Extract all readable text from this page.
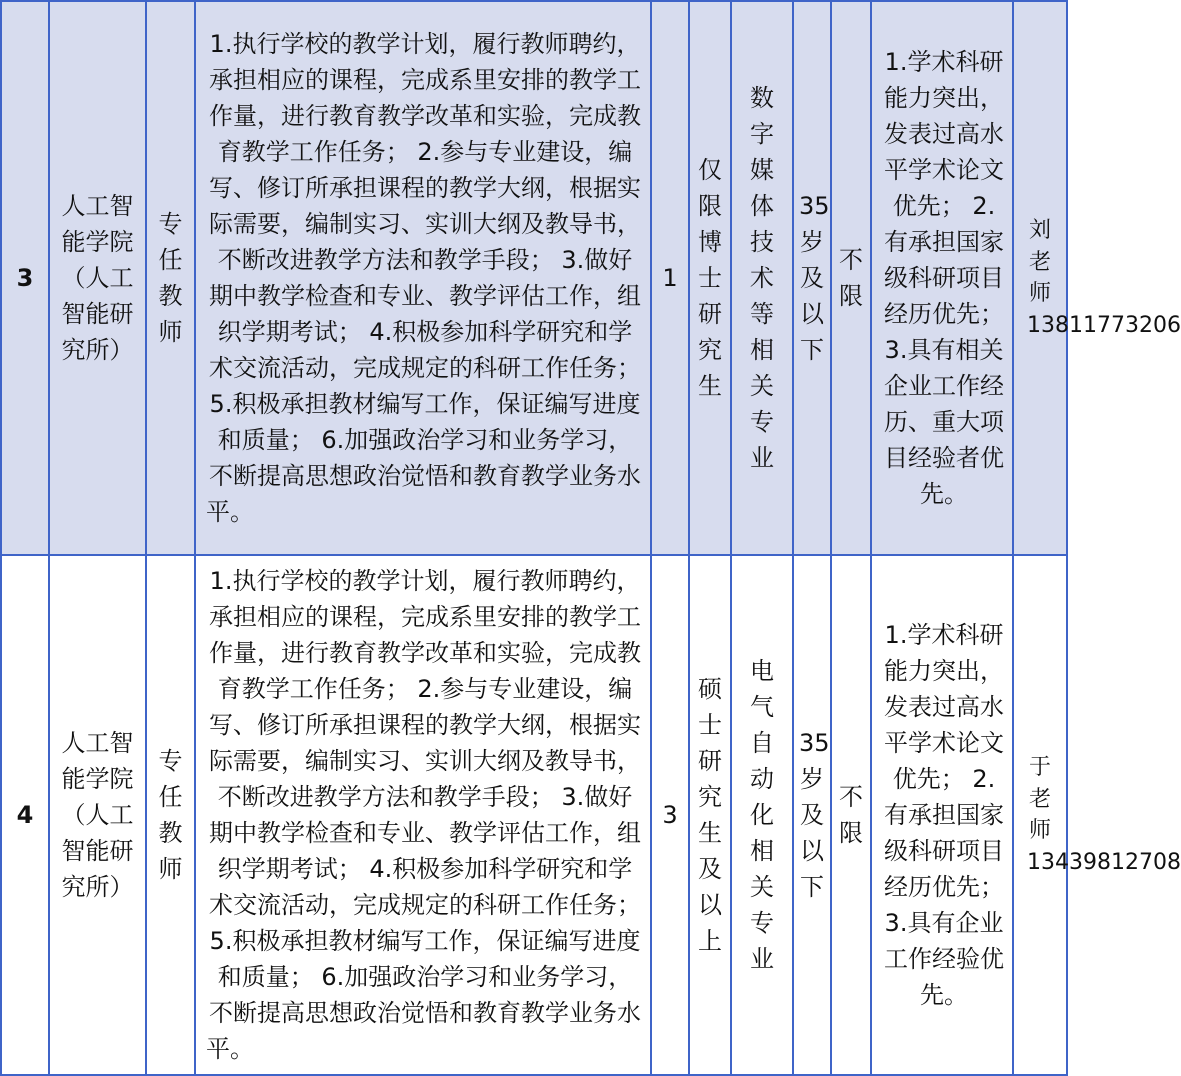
3	人工智能学院（人工智能研究所）	专任教师	1.执行学校的教学计划，履行教师聘约，承担相应的课程，完成系里安排的教学工作量，进行教育教学改革和实验，完成教育教学工作任务； 2.参与专业建设，编写、修订所承担课程的教学大纲，根据实际需要，编制实习、实训大纲及教导书，不断改进教学方法和教学手段； 3.做好期中教学检查和专业、教学评估工作，组织学期考试； 4.积极参加科学研究和学术交流活动，完成规定的科研工作任务； 5.积极承担教材编写工作，保证编写进度和质量； 6.加强政治学习和业务学习，不断提高思想政治觉悟和教育教学业务水平。	1	仅限博士研究生	数字媒体技术等相关专业	35岁及以下	不限	1.学术科研能力突出，发表过高水平学术论文优先； 2.有承担国家级科研项目经历优先； 3.具有相关企业工作经历、重大项目经验者优先。	刘老师13811773206

4	人工智能学院（人工智能研究所）	专任教师	1.执行学校的教学计划，履行教师聘约，承担相应的课程，完成系里安排的教学工作量，进行教育教学改革和实验，完成教育教学工作任务； 2.参与专业建设，编写、修订所承担课程的教学大纲，根据实际需要，编制实习、实训大纲及教导书，不断改进教学方法和教学手段； 3.做好期中教学检查和专业、教学评估工作，组织学期考试； 4.积极参加科学研究和学术交流活动，完成规定的科研工作任务； 5.积极承担教材编写工作，保证编写进度和质量； 6.加强政治学习和业务学习，不断提高思想政治觉悟和教育教学业务水平。	3	硕士研究生及以上	电气自动化相关专业	35岁及以下	不限	1.学术科研能力突出，发表过高水平学术论文优先； 2.有承担国家级科研项目经历优先； 3.具有企业工作经验优先。	于老师13439812708
